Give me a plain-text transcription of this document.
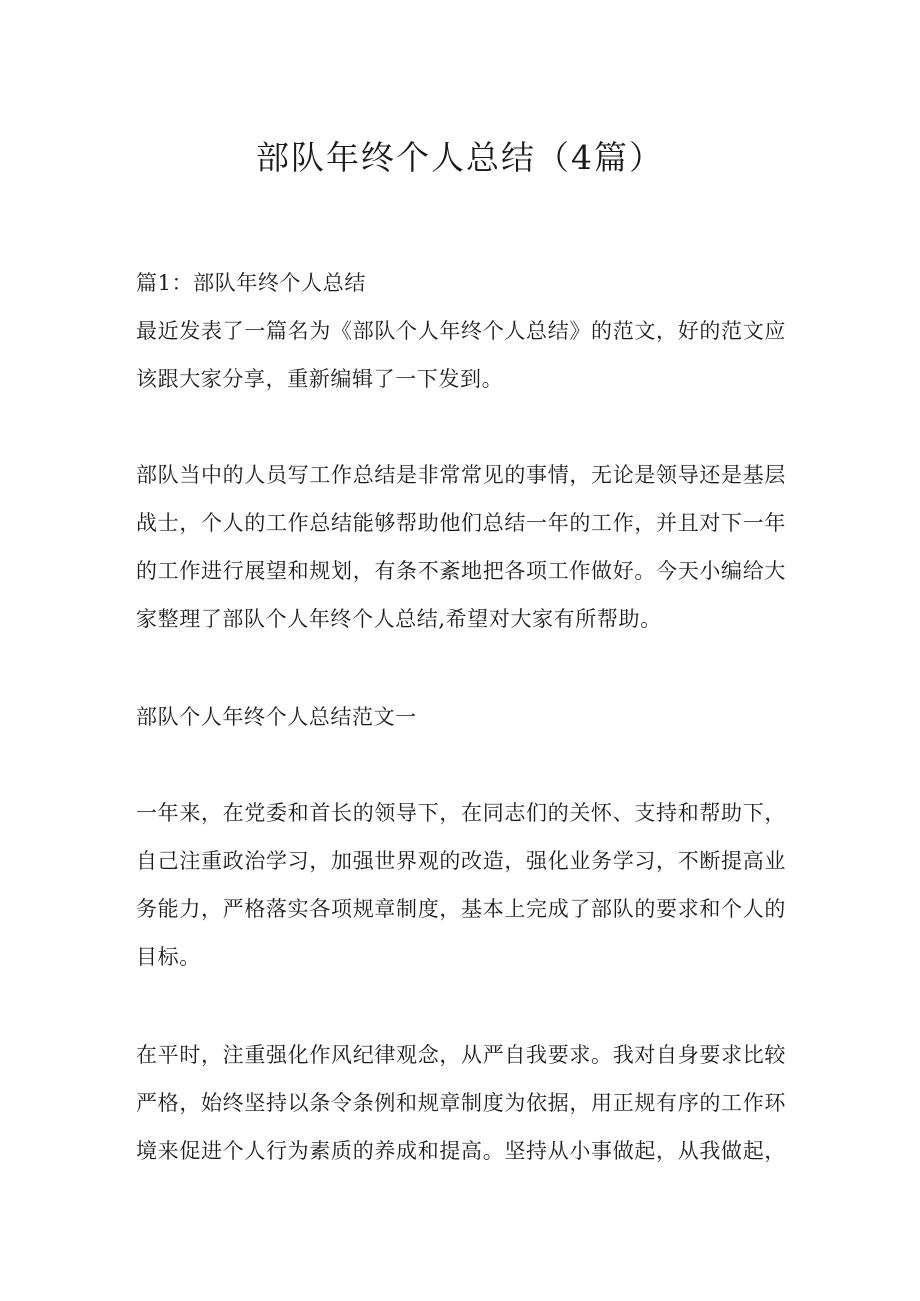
部队年终个人总结（4篇）
篇1：部队年终个人总结
最近发表了一篇名为《部队个人年终个人总结》的范文，好的范文应
该跟大家分享，重新编辑了一下发到。
部队当中的人员写工作总结是非常常见的事情，无论是领导还是基层
战士，个人的工作总结能够帮助他们总结一年的工作，并且对下一年
的工作进行展望和规划，有条不紊地把各项工作做好。今天小编给大
家整理了部队个人年终个人总结,希望对大家有所帮助。
部队个人年终个人总结范文一
一年来，在党委和首长的领导下，在同志们的关怀、支持和帮助下，
自己注重政治学习，加强世界观的改造，强化业务学习，不断提高业
务能力，严格落实各项规章制度，基本上完成了部队的要求和个人的
目标。
在平时，注重强化作风纪律观念，从严自我要求。我对自身要求比较
严格，始终坚持以条令条例和规章制度为依据，用正规有序的工作环
境来促进个人行为素质的养成和提高。坚持从小事做起，从我做起，
